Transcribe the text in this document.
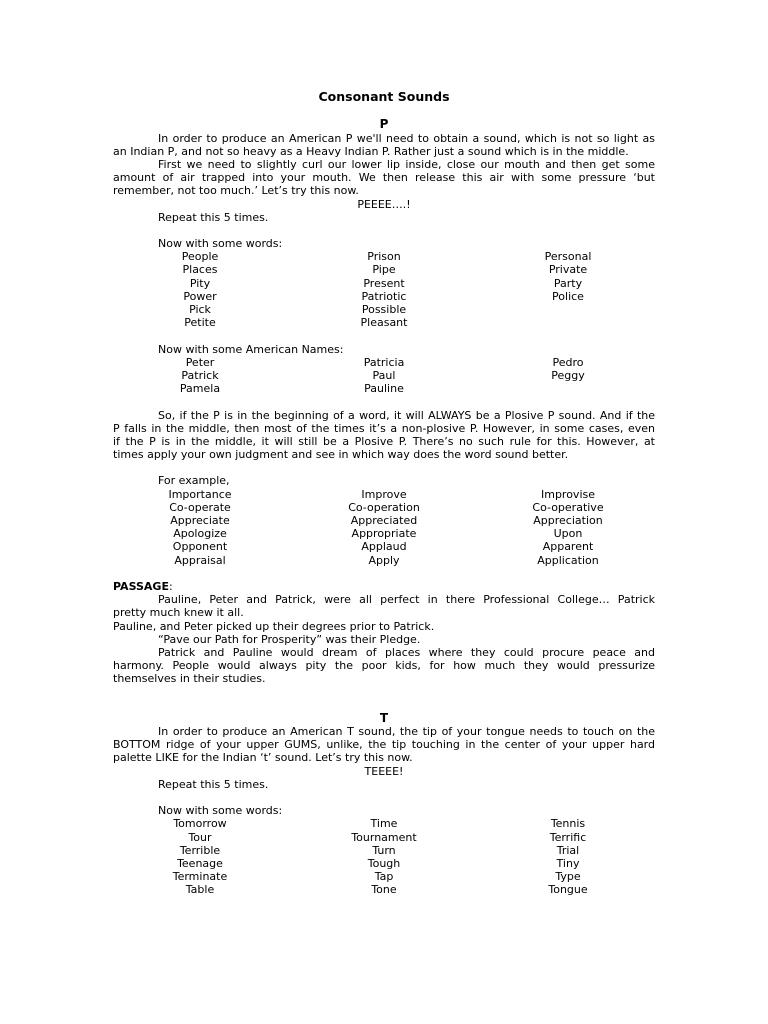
Consonant Sounds
P
In order to produce an American P we'll need to obtain a sound, which is not so light as
an Indian P, and not so heavy as a Heavy Indian P. Rather just a sound which is in the middle.
First we need to slightly curl our lower lip inside, close our mouth and then get some
amount of air trapped into your mouth. We then release this air with some pressure ‘but
remember, not too much.’ Let’s try this now.
PEEEE….!
Repeat this 5 times.
Now with some words:
People	Prison	Personal
Places	Pipe	Private
Pity	Present	Party
Power	Patriotic	Police
Pick	Possible
Petite	Pleasant
Now with some American Names:
Peter	Patricia	Pedro
Patrick	Paul	Peggy
Pamela	Pauline
So, if the P is in the beginning of a word, it will ALWAYS be a Plosive P sound. And if the
P falls in the middle, then most of the times it’s a non-plosive P. However, in some cases, even
if the P is in the middle, it will still be a Plosive P. There’s no such rule for this. However, at
times apply your own judgment and see in which way does the word sound better.
For example,
Importance	Improve	Improvise
Co-operate	Co-operation	Co-operative
Appreciate	Appreciated	Appreciation
Apologize	Appropriate	Upon
Opponent	Applaud	Apparent
Appraisal	Apply	Application
PASSAGE:
Pauline, Peter and Patrick, were all perfect in there Professional College… Patrick
pretty much knew it all.
Pauline, and Peter picked up their degrees prior to Patrick.
“Pave our Path for Prosperity” was their Pledge.
Patrick and Pauline would dream of places where they could procure peace and
harmony. People would always pity the poor kids, for how much they would pressurize
themselves in their studies.
T
In order to produce an American T sound, the tip of your tongue needs to touch on the
BOTTOM ridge of your upper GUMS, unlike, the tip touching in the center of your upper hard
palette LIKE for the Indian ‘t’ sound. Let’s try this now.
TEEEE!
Repeat this 5 times.
Now with some words:
Tomorrow	Time	Tennis
Tour	Tournament	Terrific
Terrible	Turn	Trial
Teenage	Tough	Tiny
Terminate	Tap	Type
Table	Tone	Tongue
